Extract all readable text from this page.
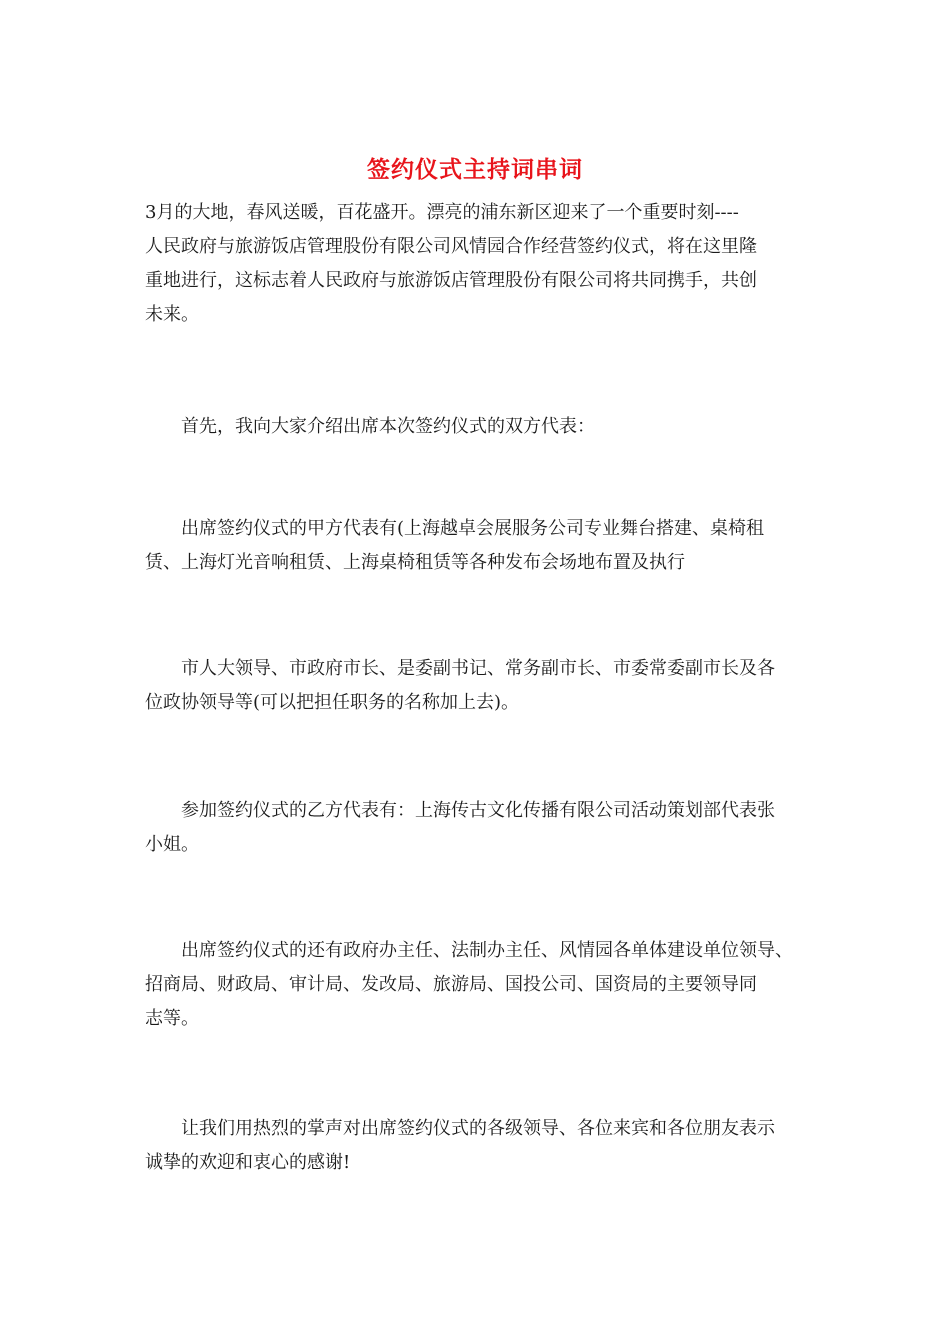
签约仪式主持词串词
3月的大地，春风送暖，百花盛开。漂亮的浦东新区迎来了一个重要时刻----
人民政府与旅游饭店管理股份有限公司风情园合作经营签约仪式，将在这里隆
重地进行，这标志着人民政府与旅游饭店管理股份有限公司将共同携手，共创
未来。
首先，我向大家介绍出席本次签约仪式的双方代表：
出席签约仪式的甲方代表有(上海越卓会展服务公司专业舞台搭建、桌椅租
赁、上海灯光音响租赁、上海桌椅租赁等各种发布会场地布置及执行
市人大领导、市政府市长、是委副书记、常务副市长、市委常委副市长及各
位政协领导等(可以把担任职务的名称加上去)。
参加签约仪式的乙方代表有：上海传古文化传播有限公司活动策划部代表张
小姐。
出席签约仪式的还有政府办主任、法制办主任、风情园各单体建设单位领导、
招商局、财政局、审计局、发改局、旅游局、国投公司、国资局的主要领导同
志等。
让我们用热烈的掌声对出席签约仪式的各级领导、各位来宾和各位朋友表示
诚挚的欢迎和衷心的感谢!
